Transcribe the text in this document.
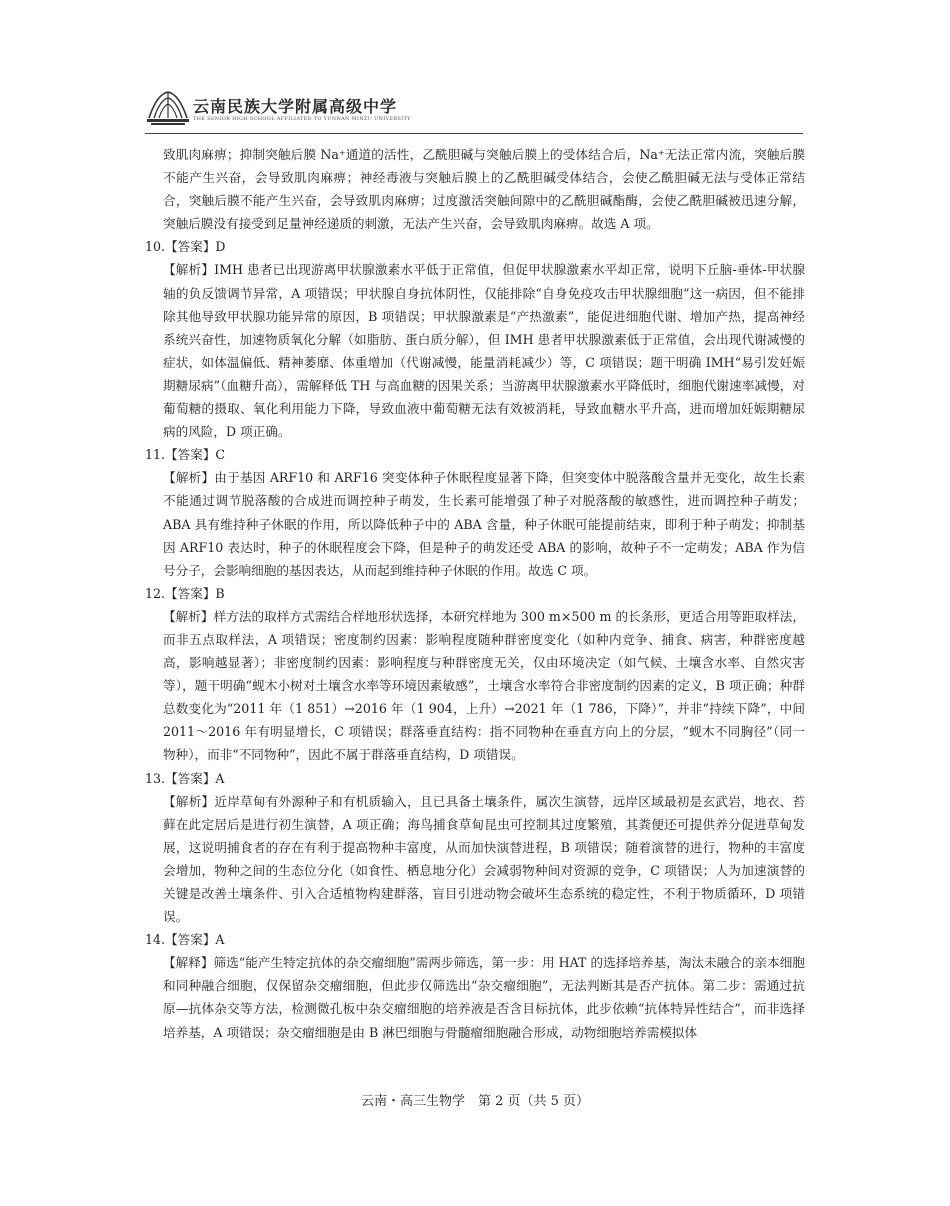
云南民族大学附属高级中学
THE SENIOR HIGH SCHOOL AFFILIATED TO YUNNAN MINZU UNIVERSITY

致肌肉麻痹；抑制突触后膜 Na⁺通道的活性，乙酰胆碱与突触后膜上的受体结合后，Na⁺无法正常内流，突触后膜不能产生兴奋，会导致肌肉麻痹；神经毒液与突触后膜上的乙酰胆碱受体结合，会使乙酰胆碱无法与受体正常结合，突触后膜不能产生兴奋，会导致肌肉麻痹；过度激活突触间隙中的乙酰胆碱酯酶，会使乙酰胆碱被迅速分解，突触后膜没有接受到足量神经递质的刺激，无法产生兴奋，会导致肌肉麻痹。故选 A 项。

10.【答案】D

【解析】IMH 患者已出现游离甲状腺激素水平低于正常值，但促甲状腺激素水平却正常，说明下丘脑-垂体-甲状腺轴的负反馈调节异常，A 项错误；甲状腺自身抗体阴性，仅能排除“自身免疫攻击甲状腺细胞”这一病因，但不能排除其他导致甲状腺功能异常的原因，B 项错误；甲状腺激素是“产热激素”，能促进细胞代谢、增加产热，提高神经系统兴奋性，加速物质氧化分解（如脂肪、蛋白质分解），但 IMH 患者甲状腺激素低于正常值，会出现代谢减慢的症状，如体温偏低、精神萎靡、体重增加（代谢减慢，能量消耗减少）等，C 项错误；题干明确 IMH“易引发妊娠期糖尿病”（血糖升高），需解释低 TH 与高血糖的因果关系；当游离甲状腺激素水平降低时，细胞代谢速率减慢，对葡萄糖的摄取、氧化利用能力下降，导致血液中葡萄糖无法有效被消耗，导致血糖水平升高，进而增加妊娠期糖尿病的风险，D 项正确。

11.【答案】C

【解析】由于基因 ARF10 和 ARF16 突变体种子休眠程度显著下降，但突变体中脱落酸含量并无变化，故生长素不能通过调节脱落酸的合成进而调控种子萌发，生长素可能增强了种子对脱落酸的敏感性，进而调控种子萌发；ABA 具有维持种子休眠的作用，所以降低种子中的 ABA 含量，种子休眠可能提前结束，即利于种子萌发；抑制基因 ARF10 表达时，种子的休眠程度会下降，但是种子的萌发还受 ABA 的影响，故种子不一定萌发；ABA 作为信号分子，会影响细胞的基因表达，从而起到维持种子休眠的作用。故选 C 项。

12.【答案】B

【解析】样方法的取样方式需结合样地形状选择，本研究样地为 300 m×500 m 的长条形，更适合用等距取样法，而非五点取样法，A 项错误；密度制约因素：影响程度随种群密度变化（如种内竞争、捕食、病害，种群密度越高，影响越显著）；非密度制约因素：影响程度与种群密度无关，仅由环境决定（如气候、土壤含水率、自然灾害等），题干明确“蚬木小树对土壤含水率等环境因素敏感”，土壤含水率符合非密度制约因素的定义，B 项正确；种群总数变化为“2011 年（1 851）→2016 年（1 904，上升）→2021 年（1 786，下降）”，并非“持续下降”，中间 2011～2016 年有明显增长，C 项错误；群落垂直结构：指不同物种在垂直方向上的分层，“蚬木不同胸径”（同一物种），而非“不同物种”，因此不属于群落垂直结构，D 项错误。

13.【答案】A

【解析】近岸草甸有外源种子和有机质输入，且已具备土壤条件，属次生演替，远岸区域最初是玄武岩，地衣、苔藓在此定居后是进行初生演替，A 项正确；海鸟捕食草甸昆虫可控制其过度繁殖，其粪便还可提供养分促进草甸发展，这说明捕食者的存在有利于提高物种丰富度，从而加快演替进程，B 项错误；随着演替的进行，物种的丰富度会增加，物种之间的生态位分化（如食性、栖息地分化）会减弱物种间对资源的竞争，C 项错误；人为加速演替的关键是改善土壤条件、引入合适植物构建群落，盲目引进动物会破坏生态系统的稳定性，不利于物质循环，D 项错误。

14.【答案】A

【解释】筛选“能产生特定抗体的杂交瘤细胞”需两步筛选，第一步：用 HAT 的选择培养基，淘汰未融合的亲本细胞和同种融合细胞，仅保留杂交瘤细胞，但此步仅筛选出“杂交瘤细胞”，无法判断其是否产抗体。第二步：需通过抗原—抗体杂交等方法，检测微孔板中杂交瘤细胞的培养液是否含目标抗体，此步依赖“抗体特异性结合”，而非选择培养基，A 项错误；杂交瘤细胞是由 B 淋巴细胞与骨髓瘤细胞融合形成，动物细胞培养需模拟体

云南・高三生物学　第 2 页（共 5 页）
